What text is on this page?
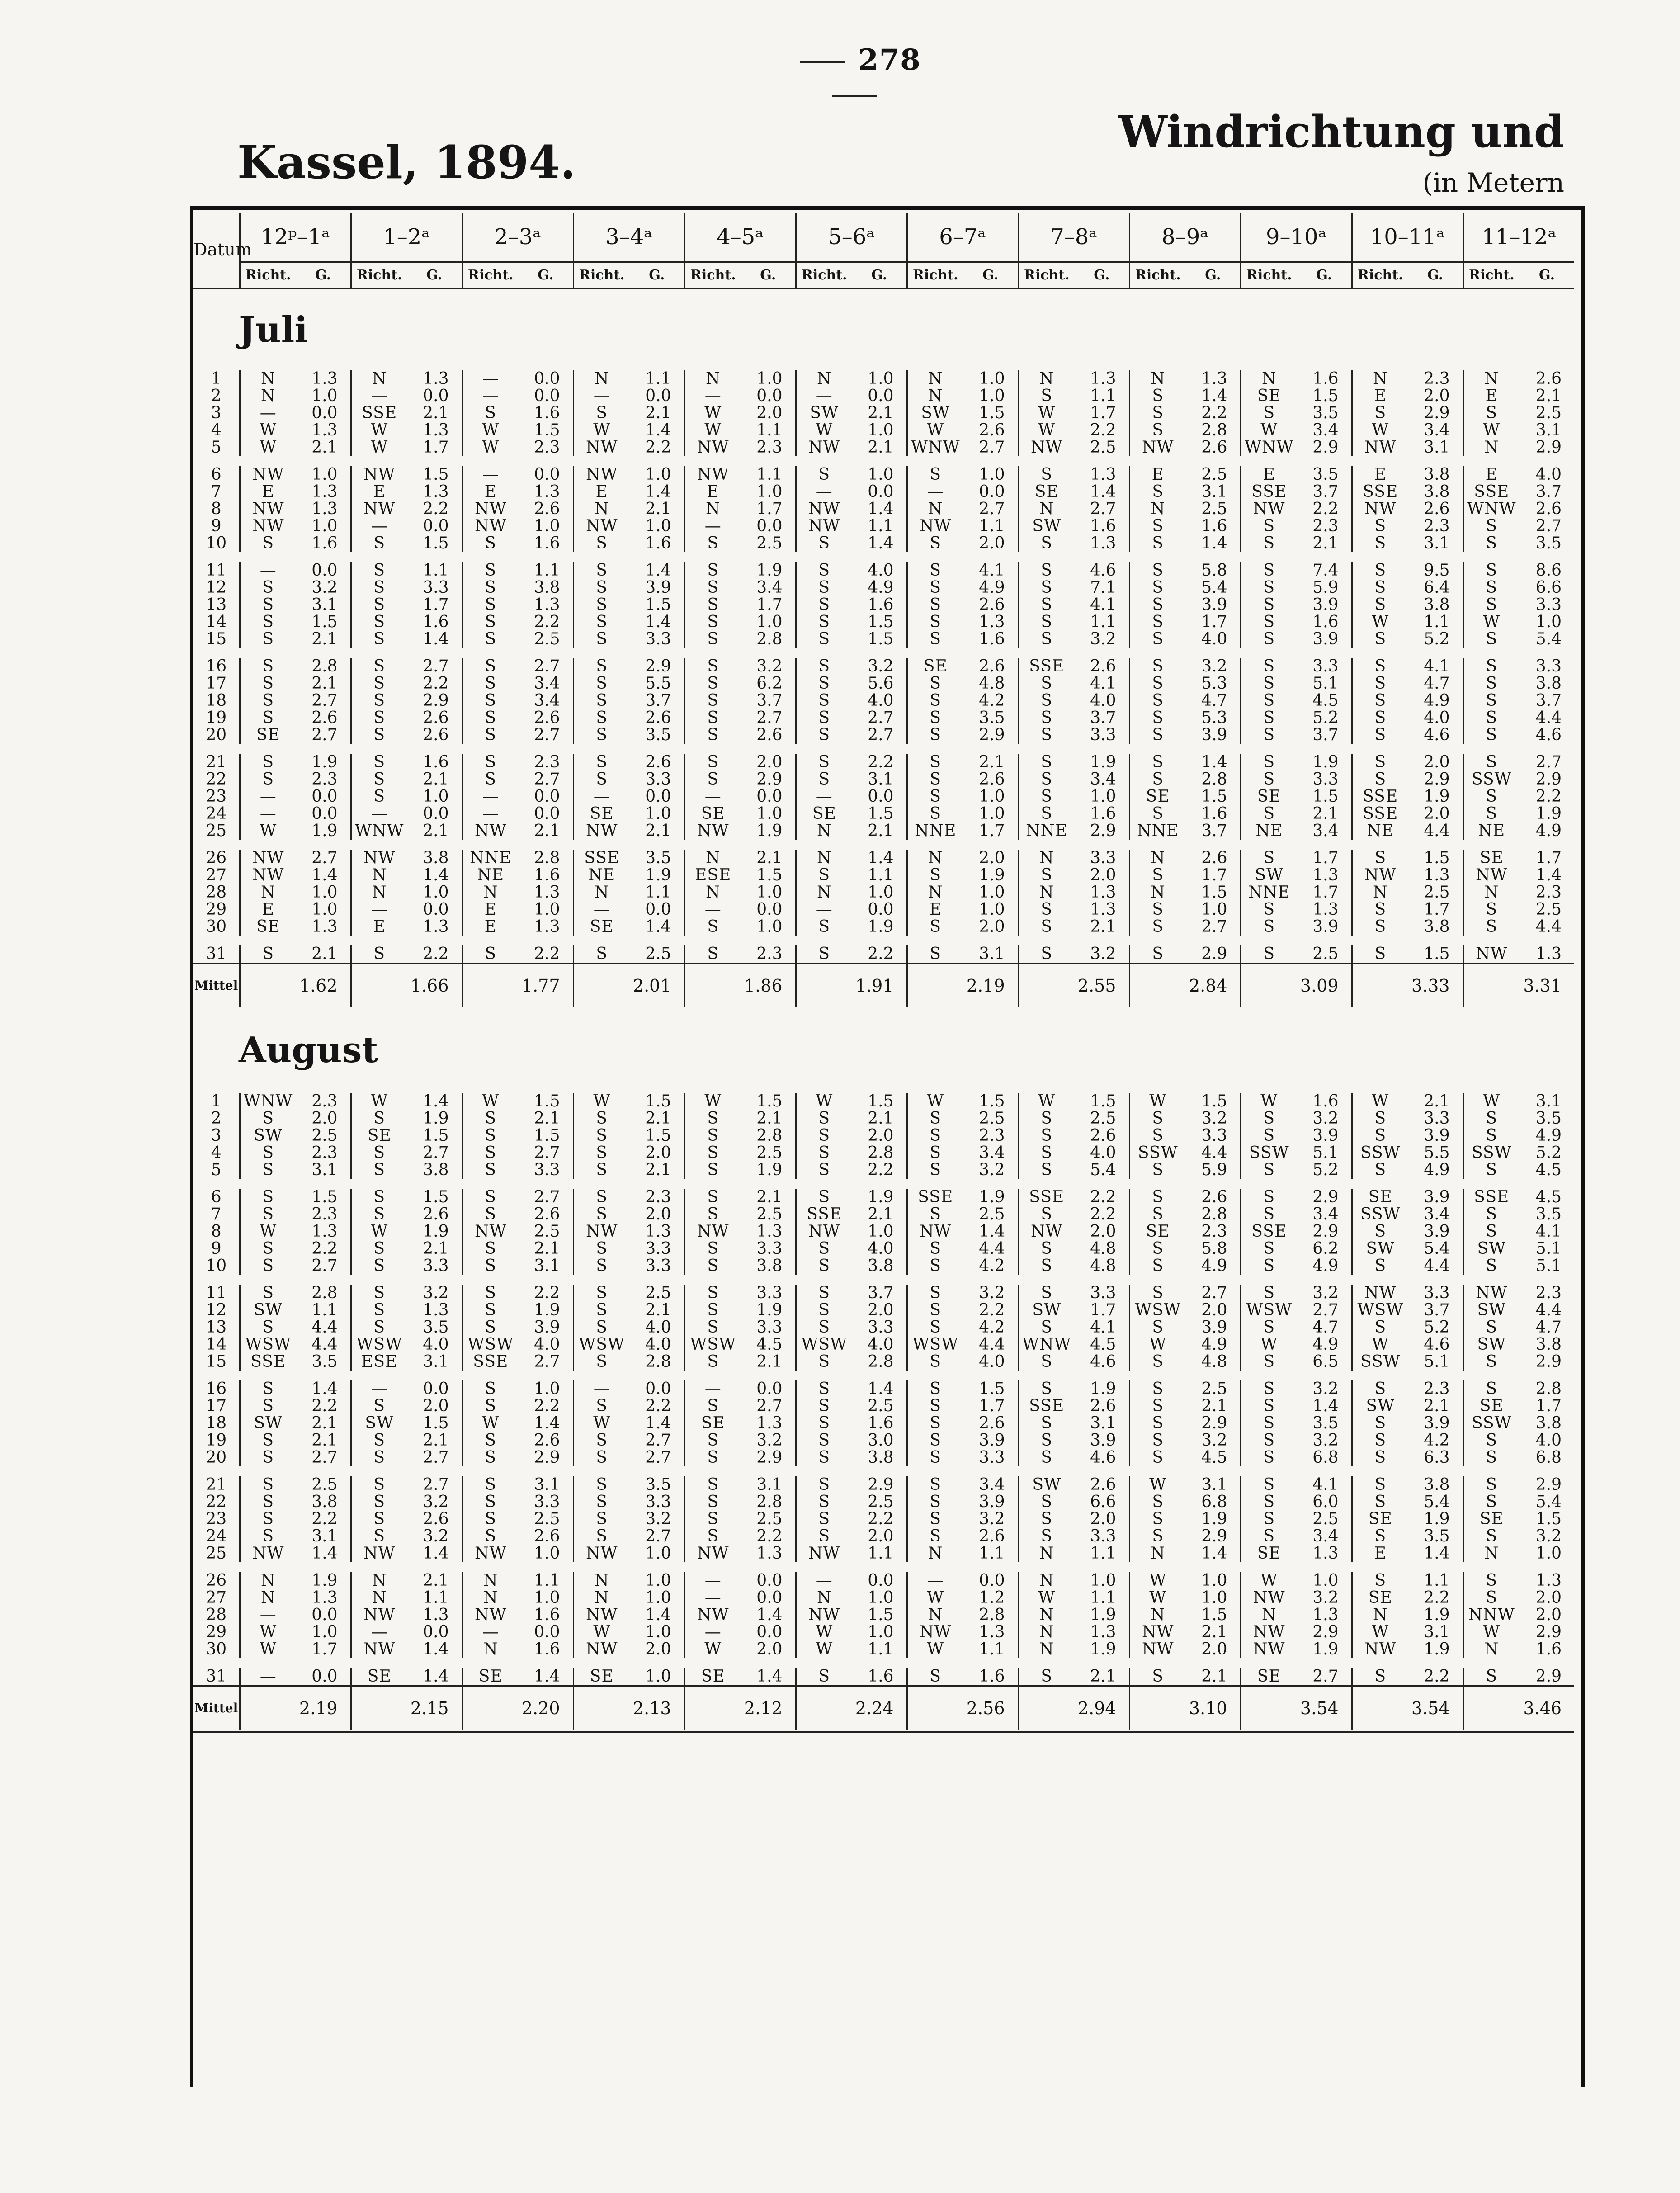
278
Kassel, 1894.
Windrichtung und
(in Metern
Datum	12ᵖ–1ᵃ		1–2ᵃ		2–3ᵃ		3–4ᵃ		4–5ᵃ		5–6ᵃ		6–7ᵃ		7–8ᵃ		8–9ᵃ		9–10ᵃ		10–11ᵃ		11–12ᵃ	
	Richt.	G.	Richt.	G.	Richt.	G.	Richt.	G.	Richt.	G.	Richt.	G.	Richt.	G.	Richt.	G.	Richt.	G.	Richt.	G.	Richt.	G.	Richt.	G.
Juli																								
1	N	1.3	N	1.3	—	0.0	N	1.1	N	1.0	N	1.0	N	1.0	N	1.3	N	1.3	N	1.6	N	2.3	N	2.6
2	N	1.0	—	0.0	—	0.0	—	0.0	—	0.0	—	0.0	N	1.0	S	1.1	S	1.4	SE	1.5	E	2.0	E	2.1
3	—	0.0	SSE	2.1	S	1.6	S	2.1	W	2.0	SW	2.1	SW	1.5	W	1.7	S	2.2	S	3.5	S	2.9	S	2.5
4	W	1.3	W	1.3	W	1.5	W	1.4	W	1.1	W	1.0	W	2.6	W	2.2	S	2.8	W	3.4	W	3.4	W	3.1
5	W	2.1	W	1.7	W	2.3	NW	2.2	NW	2.3	NW	2.1	WNW	2.7	NW	2.5	NW	2.6	WNW	2.9	NW	3.1	N	2.9

6	NW	1.0	NW	1.5	—	0.0	NW	1.0	NW	1.1	S	1.0	S	1.0	S	1.3	E	2.5	E	3.5	E	3.8	E	4.0
7	E	1.3	E	1.3	E	1.3	E	1.4	E	1.0	—	0.0	—	0.0	SE	1.4	S	3.1	SSE	3.7	SSE	3.8	SSE	3.7
8	NW	1.3	NW	2.2	NW	2.6	N	2.1	N	1.7	NW	1.4	N	2.7	N	2.7	N	2.5	NW	2.2	NW	2.6	WNW	2.6
9	NW	1.0	—	0.0	NW	1.0	NW	1.0	—	0.0	NW	1.1	NW	1.1	SW	1.6	S	1.6	S	2.3	S	2.3	S	2.7
10	S	1.6	S	1.5	S	1.6	S	1.6	S	2.5	S	1.4	S	2.0	S	1.3	S	1.4	S	2.1	S	3.1	S	3.5

11	—	0.0	S	1.1	S	1.1	S	1.4	S	1.9	S	4.0	S	4.1	S	4.6	S	5.8	S	7.4	S	9.5	S	8.6
12	S	3.2	S	3.3	S	3.8	S	3.9	S	3.4	S	4.9	S	4.9	S	7.1	S	5.4	S	5.9	S	6.4	S	6.6
13	S	3.1	S	1.7	S	1.3	S	1.5	S	1.7	S	1.6	S	2.6	S	4.1	S	3.9	S	3.9	S	3.8	S	3.3
14	S	1.5	S	1.6	S	2.2	S	1.4	S	1.0	S	1.5	S	1.3	S	1.1	S	1.7	S	1.6	W	1.1	W	1.0
15	S	2.1	S	1.4	S	2.5	S	3.3	S	2.8	S	1.5	S	1.6	S	3.2	S	4.0	S	3.9	S	5.2	S	5.4

16	S	2.8	S	2.7	S	2.7	S	2.9	S	3.2	S	3.2	SE	2.6	SSE	2.6	S	3.2	S	3.3	S	4.1	S	3.3
17	S	2.1	S	2.2	S	3.4	S	5.5	S	6.2	S	5.6	S	4.8	S	4.1	S	5.3	S	5.1	S	4.7	S	3.8
18	S	2.7	S	2.9	S	3.4	S	3.7	S	3.7	S	4.0	S	4.2	S	4.0	S	4.7	S	4.5	S	4.9	S	3.7
19	S	2.6	S	2.6	S	2.6	S	2.6	S	2.7	S	2.7	S	3.5	S	3.7	S	5.3	S	5.2	S	4.0	S	4.4
20	SE	2.7	S	2.6	S	2.7	S	3.5	S	2.6	S	2.7	S	2.9	S	3.3	S	3.9	S	3.7	S	4.6	S	4.6

21	S	1.9	S	1.6	S	2.3	S	2.6	S	2.0	S	2.2	S	2.1	S	1.9	S	1.4	S	1.9	S	2.0	S	2.7
22	S	2.3	S	2.1	S	2.7	S	3.3	S	2.9	S	3.1	S	2.6	S	3.4	S	2.8	S	3.3	S	2.9	SSW	2.9
23	—	0.0	S	1.0	—	0.0	—	0.0	—	0.0	—	0.0	S	1.0	S	1.0	SE	1.5	SE	1.5	SSE	1.9	S	2.2
24	—	0.0	—	0.0	—	0.0	SE	1.0	SE	1.0	SE	1.5	S	1.0	S	1.6	S	1.6	S	2.1	SSE	2.0	S	1.9
25	W	1.9	WNW	2.1	NW	2.1	NW	2.1	NW	1.9	N	2.1	NNE	1.7	NNE	2.9	NNE	3.7	NE	3.4	NE	4.4	NE	4.9

26	NW	2.7	NW	3.8	NNE	2.8	SSE	3.5	N	2.1	N	1.4	N	2.0	N	3.3	N	2.6	S	1.7	S	1.5	SE	1.7
27	NW	1.4	N	1.4	NE	1.6	NE	1.9	ESE	1.5	S	1.1	S	1.9	S	2.0	S	1.7	SW	1.3	NW	1.3	NW	1.4
28	N	1.0	N	1.0	N	1.3	N	1.1	N	1.0	N	1.0	N	1.0	N	1.3	N	1.5	NNE	1.7	N	2.5	N	2.3
29	E	1.0	—	0.0	E	1.0	—	0.0	—	0.0	—	0.0	E	1.0	S	1.3	S	1.0	S	1.3	S	1.7	S	2.5
30	SE	1.3	E	1.3	E	1.3	SE	1.4	S	1.0	S	1.9	S	2.0	S	2.1	S	2.7	S	3.9	S	3.8	S	4.4

31	S	2.1	S	2.2	S	2.2	S	2.5	S	2.3	S	2.2	S	3.1	S	3.2	S	2.9	S	2.5	S	1.5	NW	1.3
Mittel		1.62		1.66		1.77		2.01		1.86		1.91		2.19		2.55		2.84		3.09		3.33		3.31
August																								
1	WNW	2.3	W	1.4	W	1.5	W	1.5	W	1.5	W	1.5	W	1.5	W	1.5	W	1.5	W	1.6	W	2.1	W	3.1
2	S	2.0	S	1.9	S	2.1	S	2.1	S	2.1	S	2.1	S	2.5	S	2.5	S	3.2	S	3.2	S	3.3	S	3.5
3	SW	2.5	SE	1.5	S	1.5	S	1.5	S	2.8	S	2.0	S	2.3	S	2.6	S	3.3	S	3.9	S	3.9	S	4.9
4	S	2.3	S	2.7	S	2.7	S	2.0	S	2.5	S	2.8	S	3.4	S	4.0	SSW	4.4	SSW	5.1	SSW	5.5	SSW	5.2
5	S	3.1	S	3.8	S	3.3	S	2.1	S	1.9	S	2.2	S	3.2	S	5.4	S	5.9	S	5.2	S	4.9	S	4.5

6	S	1.5	S	1.5	S	2.7	S	2.3	S	2.1	S	1.9	SSE	1.9	SSE	2.2	S	2.6	S	2.9	SE	3.9	SSE	4.5
7	S	2.3	S	2.6	S	2.6	S	2.0	S	2.5	SSE	2.1	S	2.5	S	2.2	S	2.8	S	3.4	SSW	3.4	S	3.5
8	W	1.3	W	1.9	NW	2.5	NW	1.3	NW	1.3	NW	1.0	NW	1.4	NW	2.0	SE	2.3	SSE	2.9	S	3.9	S	4.1
9	S	2.2	S	2.1	S	2.1	S	3.3	S	3.3	S	4.0	S	4.4	S	4.8	S	5.8	S	6.2	SW	5.4	SW	5.1
10	S	2.7	S	3.3	S	3.1	S	3.3	S	3.8	S	3.8	S	4.2	S	4.8	S	4.9	S	4.9	S	4.4	S	5.1

11	S	2.8	S	3.2	S	2.2	S	2.5	S	3.3	S	3.7	S	3.2	S	3.3	S	2.7	S	3.2	NW	3.3	NW	2.3
12	SW	1.1	S	1.3	S	1.9	S	2.1	S	1.9	S	2.0	S	2.2	SW	1.7	WSW	2.0	WSW	2.7	WSW	3.7	SW	4.4
13	S	4.4	S	3.5	S	3.9	S	4.0	S	3.3	S	3.3	S	4.2	S	4.1	S	3.9	S	4.7	S	5.2	S	4.7
14	WSW	4.4	WSW	4.0	WSW	4.0	WSW	4.0	WSW	4.5	WSW	4.0	WSW	4.4	WNW	4.5	W	4.9	W	4.9	W	4.6	SW	3.8
15	SSE	3.5	ESE	3.1	SSE	2.7	S	2.8	S	2.1	S	2.8	S	4.0	S	4.6	S	4.8	S	6.5	SSW	5.1	S	2.9

16	S	1.4	—	0.0	S	1.0	—	0.0	—	0.0	S	1.4	S	1.5	S	1.9	S	2.5	S	3.2	S	2.3	S	2.8
17	S	2.2	S	2.0	S	2.2	S	2.2	S	2.7	S	2.5	S	1.7	SSE	2.6	S	2.1	S	1.4	SW	2.1	SE	1.7
18	SW	2.1	SW	1.5	W	1.4	W	1.4	SE	1.3	S	1.6	S	2.6	S	3.1	S	2.9	S	3.5	S	3.9	SSW	3.8
19	S	2.1	S	2.1	S	2.6	S	2.7	S	3.2	S	3.0	S	3.9	S	3.9	S	3.2	S	3.2	S	4.2	S	4.0
20	S	2.7	S	2.7	S	2.9	S	2.7	S	2.9	S	3.8	S	3.3	S	4.6	S	4.5	S	6.8	S	6.3	S	6.8

21	S	2.5	S	2.7	S	3.1	S	3.5	S	3.1	S	2.9	S	3.4	SW	2.6	W	3.1	S	4.1	S	3.8	S	2.9
22	S	3.8	S	3.2	S	3.3	S	3.3	S	2.8	S	2.5	S	3.9	S	6.6	S	6.8	S	6.0	S	5.4	S	5.4
23	S	2.2	S	2.6	S	2.5	S	3.2	S	2.5	S	2.2	S	3.2	S	2.0	S	1.9	S	2.5	SE	1.9	SE	1.5
24	S	3.1	S	3.2	S	2.6	S	2.7	S	2.2	S	2.0	S	2.6	S	3.3	S	2.9	S	3.4	S	3.5	S	3.2
25	NW	1.4	NW	1.4	NW	1.0	NW	1.0	NW	1.3	NW	1.1	N	1.1	N	1.1	N	1.4	SE	1.3	E	1.4	N	1.0

26	N	1.9	N	2.1	N	1.1	N	1.0	—	0.0	—	0.0	—	0.0	N	1.0	W	1.0	W	1.0	S	1.1	S	1.3
27	N	1.3	N	1.1	N	1.0	N	1.0	—	0.0	N	1.0	W	1.2	W	1.1	W	1.0	NW	3.2	SE	2.2	S	2.0
28	—	0.0	NW	1.3	NW	1.6	NW	1.4	NW	1.4	NW	1.5	N	2.8	N	1.9	N	1.5	N	1.3	N	1.9	NNW	2.0
29	W	1.0	—	0.0	—	0.0	W	1.0	—	0.0	W	1.0	NW	1.3	N	1.3	NW	2.1	NW	2.9	W	3.1	W	2.9
30	W	1.7	NW	1.4	N	1.6	NW	2.0	W	2.0	W	1.1	W	1.1	N	1.9	NW	2.0	NW	1.9	NW	1.9	N	1.6

31	—	0.0	SE	1.4	SE	1.4	SE	1.0	SE	1.4	S	1.6	S	1.6	S	2.1	S	2.1	SE	2.7	S	2.2	S	2.9
Mittel		2.19		2.15		2.20		2.13		2.12		2.24		2.56		2.94		3.10		3.54		3.54		3.46
